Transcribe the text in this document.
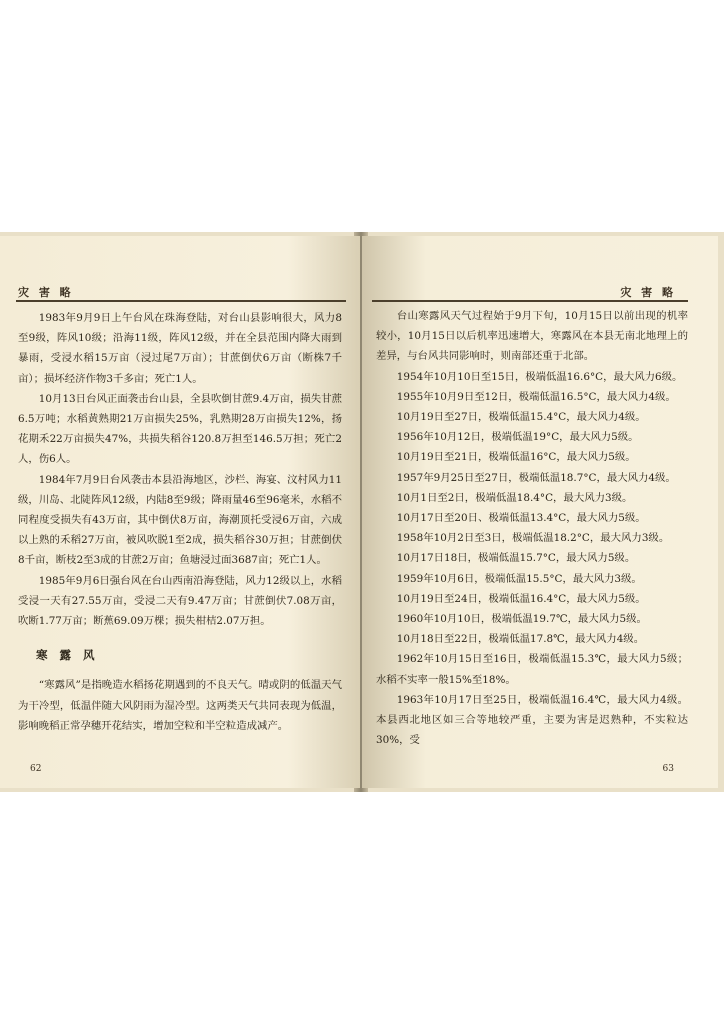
灾 害 略

1983年9月9日上午台风在珠海登陆，对台山县影响很大，风力8至9级，阵风10级；沿海11级，阵风12级，并在全县范围内降大雨到暴雨，受浸水稻15万亩（浸过尾7万亩）；甘蔗倒伏6万亩（断株7千亩）；损坏经济作物3千多亩；死亡1人。

10月13日台风正面袭击台山县，全县吹倒甘蔗9.4万亩，损失甘蔗6.5万吨；水稻黄熟期21万亩损失25%，乳熟期28万亩损失12%，扬花期禾22万亩损失47%，共损失稻谷120.8万担至146.5万担；死亡2人，伤6人。

1984年7月9日台风袭击本县沿海地区，沙栏、海宴、汶村风力11级，川岛、北陡阵风12级，内陆8至9级；降雨量46至96毫米，水稻不同程度受损失有43万亩，其中倒伏8万亩，海潮顶托受浸6万亩，六成以上熟的禾稻27万亩，被风吹脱1至2成，损失稻谷30万担；甘蔗倒伏8千亩，断枝2至3成的甘蔗2万亩；鱼塘浸过面3687亩；死亡1人。

1985年9月6日强台风在台山西南沿海登陆，风力12级以上，水稻受浸一天有27.55万亩，受浸二天有9.47万亩；甘蔗倒伏7.08万亩，吹断1.77万亩；断蕉69.09万棵；损失柑桔2.07万担。

寒 露 风

“寒露风”是指晚造水稻扬花期遇到的不良天气。晴或阴的低温天气为干冷型，低温伴随大风阴雨为湿冷型。这两类天气共同表现为低温，影响晚稻正常孕穗开花结实，增加空粒和半空粒造成减产。

62
灾 害 略

台山寒露风天气过程始于9月下旬，10月15日以前出现的机率较小，10月15日以后机率迅速增大，寒露风在本县无南北地理上的差异，与台风共同影响时，则南部还重于北部。

1954年10月10日至15日，极端低温16.6°C，最大风力6级。

1955年10月9日至12日，极端低温16.5°C，最大风力4级。

10月19日至27日，极端低温15.4°C，最大风力4级。

1956年10月12日，极端低温19°C，最大风力5级。

10月19日至21日，极端低温16°C，最大风力5级。

1957年9月25日至27日，极端低温18.7°C，最大风力4级。

10月1日至2日，极端低温18.4°C，最大风力3级。

10月17日至20日、极端低温13.4°C，最大风力5级。

1958年10月2日至3日，极端低温18.2°C，最大风力3级。

10月17日18日，极端低温15.7°C，最大风力5级。

1959年10月6日，极端低温15.5°C，最大风力3级。

10月19日至24日，极端低温16.4°C，最大风力5级。

1960年10月10日，极端低温19.7℃，最大风力5级。

10月18日至22日，极端低温17.8℃，最大风力4级。

1962年10月15日至16日，极端低温15.3℃，最大风力5级；水稻不实率一般15%至18%。

1963年10月17日至25日，极端低温16.4℃，最大风力4级。本县西北地区如三合等地较严重，主要为害是迟熟种，不实粒达30%，受

63
